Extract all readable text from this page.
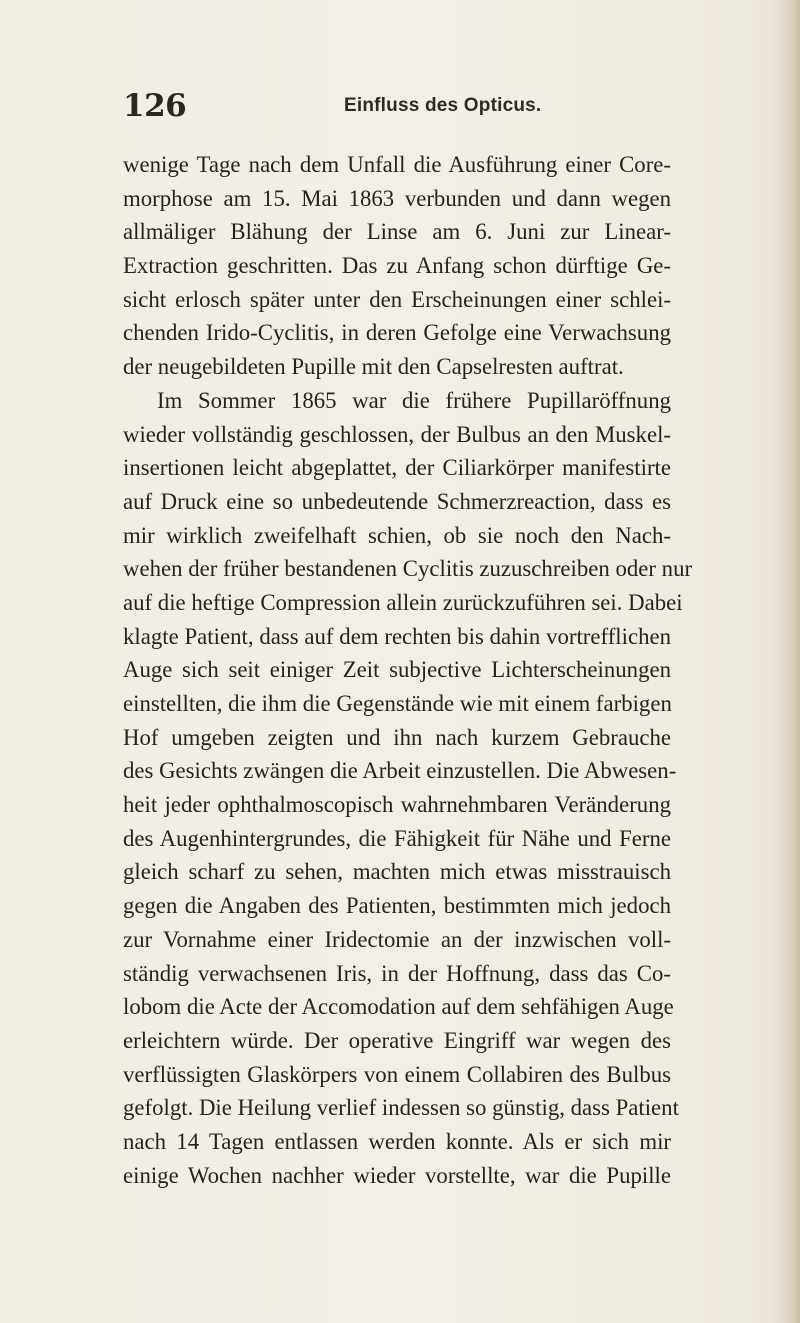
126	Einfluss des Opticus.
wenige Tage nach dem Unfall die Ausführung einer Core-
morphose am 15. Mai 1863 verbunden und dann wegen
allmäliger Blähung der Linse am 6. Juni zur Linear-
Extraction geschritten. Das zu Anfang schon dürftige Ge-
sicht erlosch später unter den Erscheinungen einer schlei-
chenden Irido-Cyclitis, in deren Gefolge eine Verwachsung
der neugebildeten Pupille mit den Capselresten auftrat.
Im Sommer 1865 war die frühere Pupillaröffnung
wieder vollständig geschlossen, der Bulbus an den Muskel-
insertionen leicht abgeplattet, der Ciliarkörper manifestirte
auf Druck eine so unbedeutende Schmerzreaction, dass es
mir wirklich zweifelhaft schien, ob sie noch den Nach-
wehen der früher bestandenen Cyclitis zuzuschreiben oder nur
auf die heftige Compression allein zurückzuführen sei. Dabei
klagte Patient, dass auf dem rechten bis dahin vortrefflichen
Auge sich seit einiger Zeit subjective Lichterscheinungen
einstellten, die ihm die Gegenstände wie mit einem farbigen
Hof umgeben zeigten und ihn nach kurzem Gebrauche
des Gesichts zwängen die Arbeit einzustellen. Die Abwesen-
heit jeder ophthalmoscopisch wahrnehmbaren Veränderung
des Augenhintergrundes, die Fähigkeit für Nähe und Ferne
gleich scharf zu sehen, machten mich etwas misstrauisch
gegen die Angaben des Patienten, bestimmten mich jedoch
zur Vornahme einer Iridectomie an der inzwischen voll-
ständig verwachsenen Iris, in der Hoffnung, dass das Co-
lobom die Acte der Accomodation auf dem sehfähigen Auge
erleichtern würde. Der operative Eingriff war wegen des
verflüssigten Glaskörpers von einem Collabiren des Bulbus
gefolgt. Die Heilung verlief indessen so günstig, dass Patient
nach 14 Tagen entlassen werden konnte. Als er sich mir
einige Wochen nachher wieder vorstellte, war die Pupille
